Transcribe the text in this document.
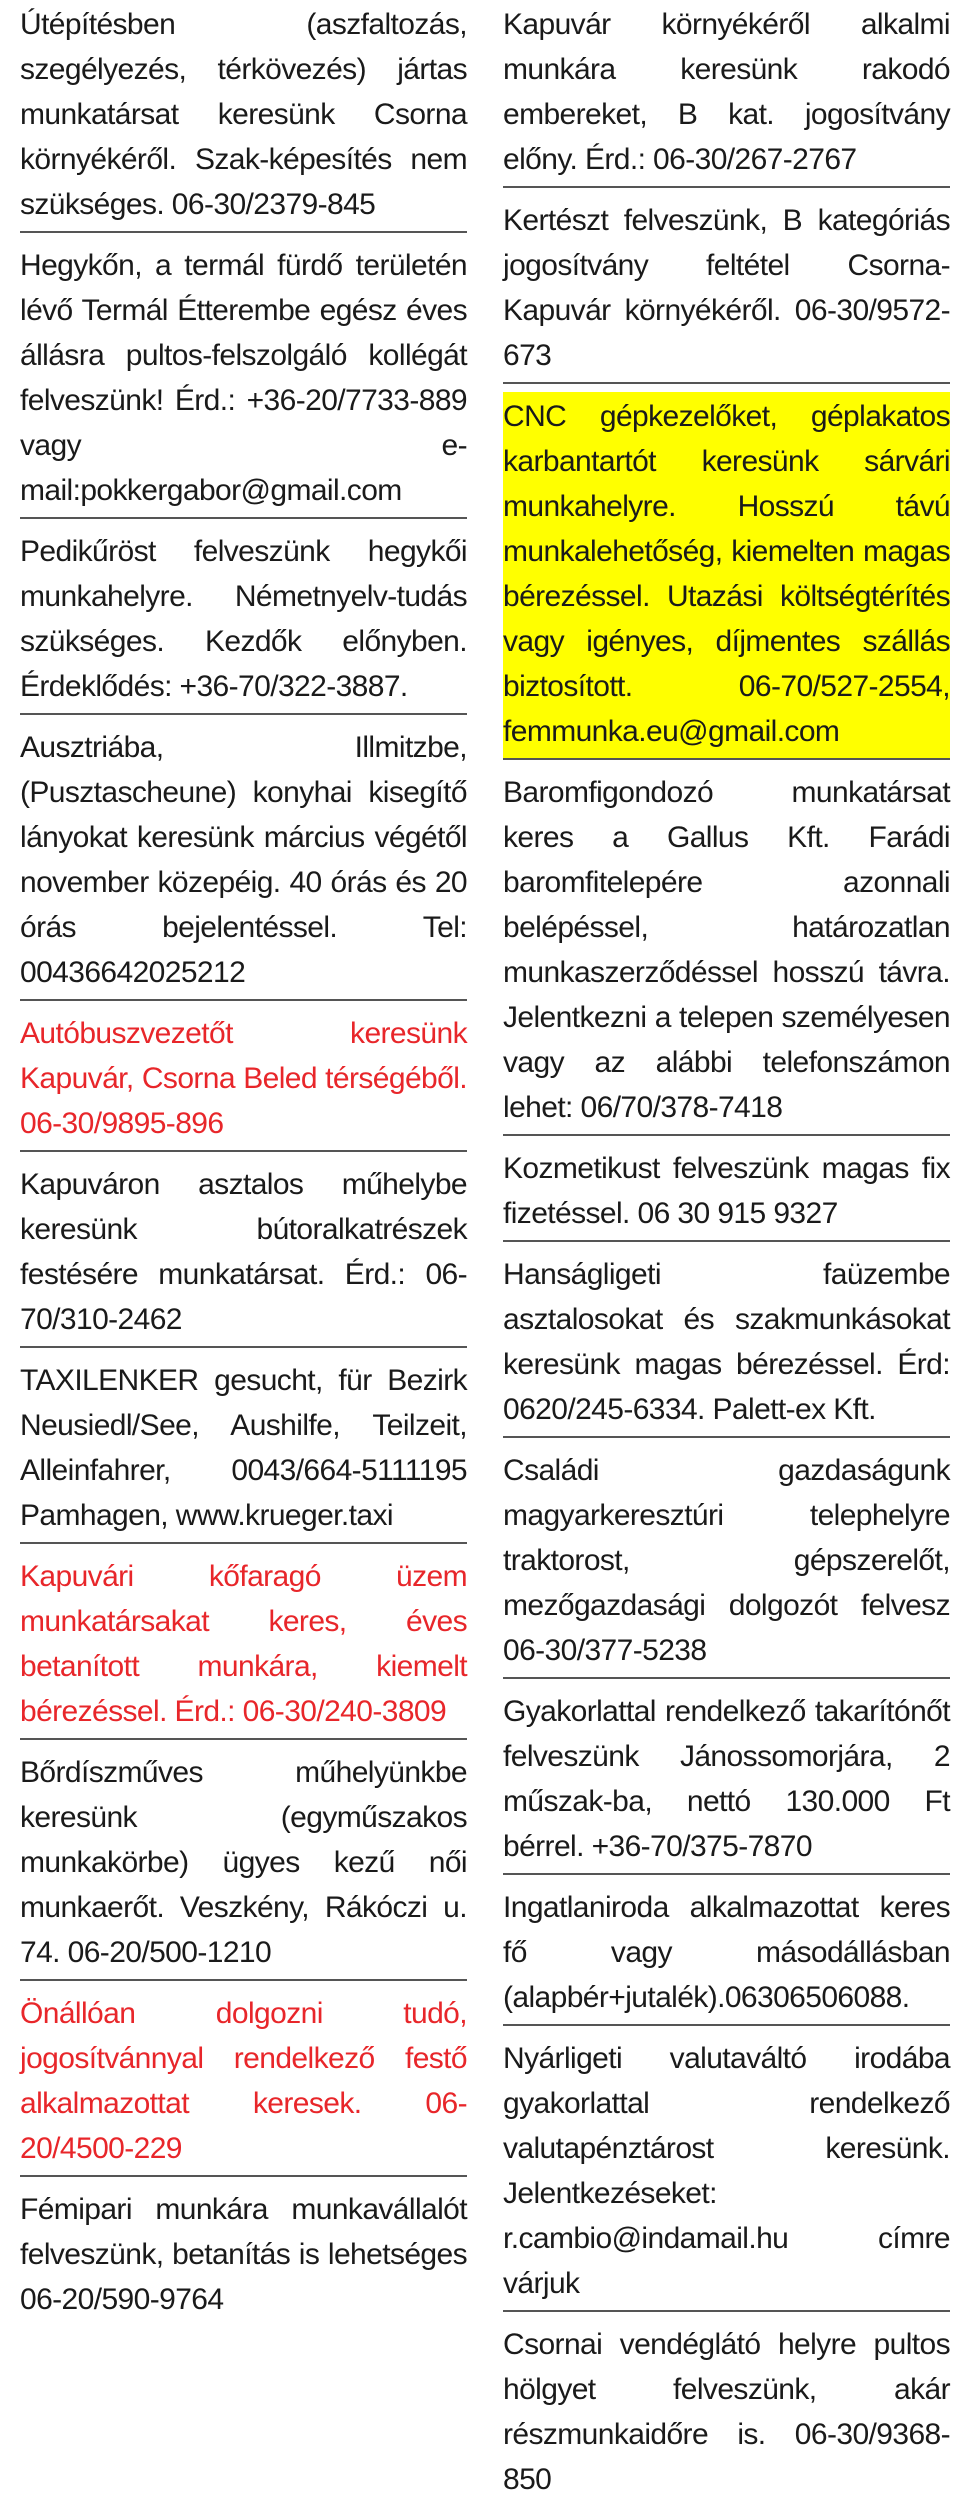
Útépítésben (aszfaltozás, szegélyezés, térkövezés) jártas munkatársat keresünk Csorna környékéről. Szak-képesítés nem szükséges. 06-30/2379-845
Hegykőn, a termál fürdő területén lévő Termál Étterembe egész éves állásra pultos-felszolgáló kollégát felveszünk! Érd.: +36-20/7733-889 vagy e-mail:pokkergabor@gmail.com
Pedikűröst felveszünk hegykői munkahelyre. Németnyelv-tudás szükséges. Kezdők előnyben. Érdeklődés: +36-70/322-3887.
Ausztriába, Illmitzbe,(Pusztascheune) konyhai kisegítő lányokat keresünk március végétől november közepéig. 40 órás és 20 órás bejelentéssel. Tel: 00436642025212
Autóbuszvezetőt keresünk Kapuvár, Csorna Beled térségéből. 06-30/9895-896
Kapuváron asztalos műhelybe keresünk bútoralkatrészek festésére munkatársat. Érd.: 06-70/310-2462
TAXILENKER gesucht, für Bezirk Neusiedl/See, Aushilfe, Teilzeit, Alleinfahrer, 0043/664-5111195 Pamhagen, www.krueger.taxi
Kapuvári kőfaragó üzem munkatársakat keres, éves betanított munkára, kiemelt bérezéssel. Érd.: 06-30/240-3809
Bőrdíszműves műhelyünkbe keresünk (egyműszakos munkakörbe) ügyes kezű női munkaerőt. Veszkény, Rákóczi u. 74. 06-20/500-1210
Önállóan dolgozni tudó, jogosítvánnyal rendelkező festő alkalmazottat keresek. 06-20/4500-229
Fémipari munkára munkavállalót felveszünk, betanítás is lehetséges 06-20/590-9764
Kapuvár környékéről alkalmi munkára keresünk rakodó embereket, B kat. jogosítvány előny. Érd.: 06-30/267-2767
Kertészt felveszünk, B kategóriás jogosítvány feltétel Csorna-Kapuvár környékéről. 06-30/9572-673
CNC gépkezelőket, géplakatos karbantartót keresünk sárvári munkahelyre. Hosszú távú munkalehetőség, kiemelten magas bérezéssel. Utazási költségtérítés vagy igényes, díjmentes szállás biztosított. 06-70/527-2554, femmunka.eu@gmail.com
Baromfigondozó munkatársat keres a Gallus Kft. Farádi baromfitelepére azonnali belépéssel, határozatlan munkaszerződéssel hosszú távra. Jelentkezni a telepen személyesen vagy az alábbi telefonszámon lehet: 06/70/378-7418
Kozmetikust felveszünk magas fix fizetéssel. 06 30 915 9327
Hanságligeti faüzembe asztalosokat és szakmunkásokat keresünk magas bérezéssel. Érd: 0620/245-6334. Palett-ex Kft.
Családi gazdaságunk magyarkeresztúri telephelyre traktorost, gépszerelőt, mezőgazdasági dolgozót felvesz 06-30/377-5238
Gyakorlattal rendelkező takarítónőt felveszünk Jánossomorjára, 2 műszak-ba, nettó 130.000 Ft bérrel. +36-70/375-7870
Ingatlaniroda alkalmazottat keres fő vagy másodállásban (alapbér+jutalék).06306506088.
Nyárligeti valutaváltó irodába gyakorlattal rendelkező valutapénztárost keresünk. Jelentkezéseket: r.cambio@indamail.hu címre várjuk
Csornai vendéglátó helyre pultos hölgyet felveszünk, akár részmunkaidőre is. 06-30/9368-850
